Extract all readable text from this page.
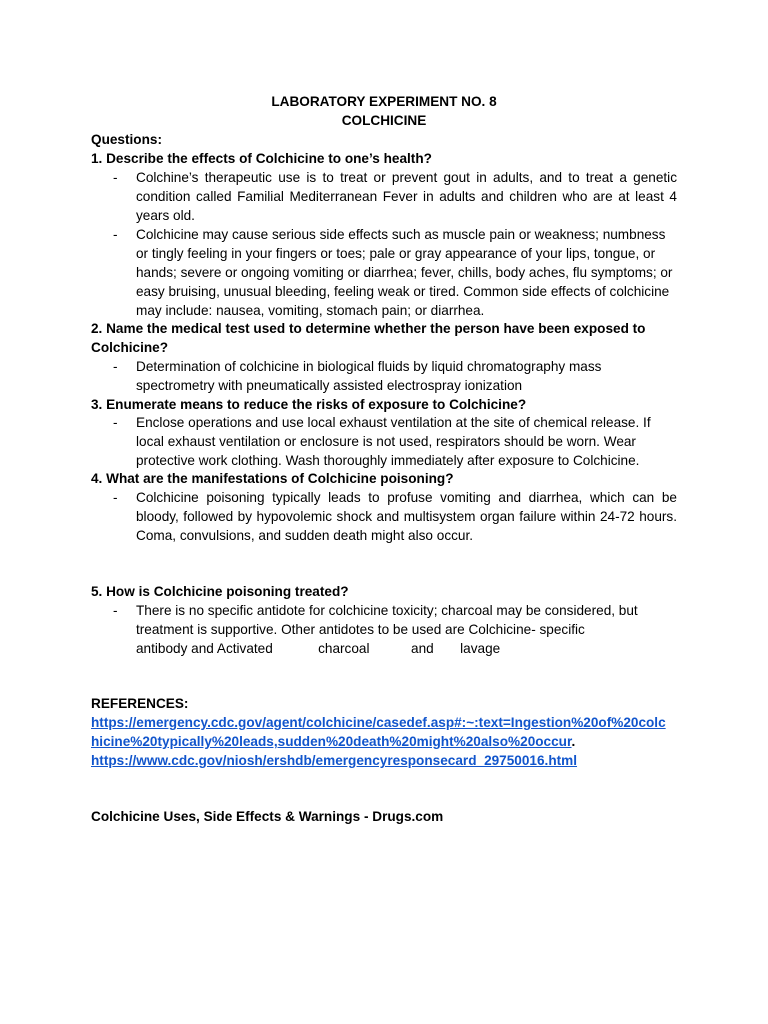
LABORATORY EXPERIMENT NO. 8
COLCHICINE
Questions:
1. Describe the effects of Colchicine to one’s health?
- Colchine’s therapeutic use is to treat or prevent gout in adults, and to treat a genetic condition called Familial Mediterranean Fever in adults and children who are at least 4 years old.
- Colchicine may cause serious side effects such as muscle pain or weakness; numbness or tingly feeling in your fingers or toes; pale or gray appearance of your lips, tongue, or hands; severe or ongoing vomiting or diarrhea; fever, chills, body aches, flu symptoms; or easy bruising, unusual bleeding, feeling weak or tired. Common side effects of colchicine may include: nausea, vomiting, stomach pain; or diarrhea.
2. Name the medical test used to determine whether the person have been exposed to
Colchicine?
- Determination of colchicine in biological fluids by liquid chromatography mass spectrometry with pneumatically assisted electrospray ionization
3. Enumerate means to reduce the risks of exposure to Colchicine?
- Enclose operations and use local exhaust ventilation at the site of chemical release. If local exhaust ventilation or enclosure is not used, respirators should be worn. Wear protective work clothing. Wash thoroughly immediately after exposure to Colchicine.
4. What are the manifestations of Colchicine poisoning?
- Colchicine poisoning typically leads to profuse vomiting and diarrhea, which can be bloody, followed by hypovolemic shock and multisystem organ failure within 24-72 hours. Coma, convulsions, and sudden death might also occur.
5. How is Colchicine poisoning treated?
- There is no specific antidote for colchicine toxicity; charcoal may be considered, but
treatment is supportive. Other antidotes to be used are Colchicine- specific
antibody and Activated            charcoal           and       lavage
REFERENCES:
https://emergency.cdc.gov/agent/colchicine/casedef.asp#:~:text=Ingestion%20of%20colc
hicine%20typically%20leads,sudden%20death%20might%20also%20occur.
https://www.cdc.gov/niosh/ershdb/emergencyresponsecard_29750016.html
Colchicine Uses, Side Effects & Warnings - Drugs.com
